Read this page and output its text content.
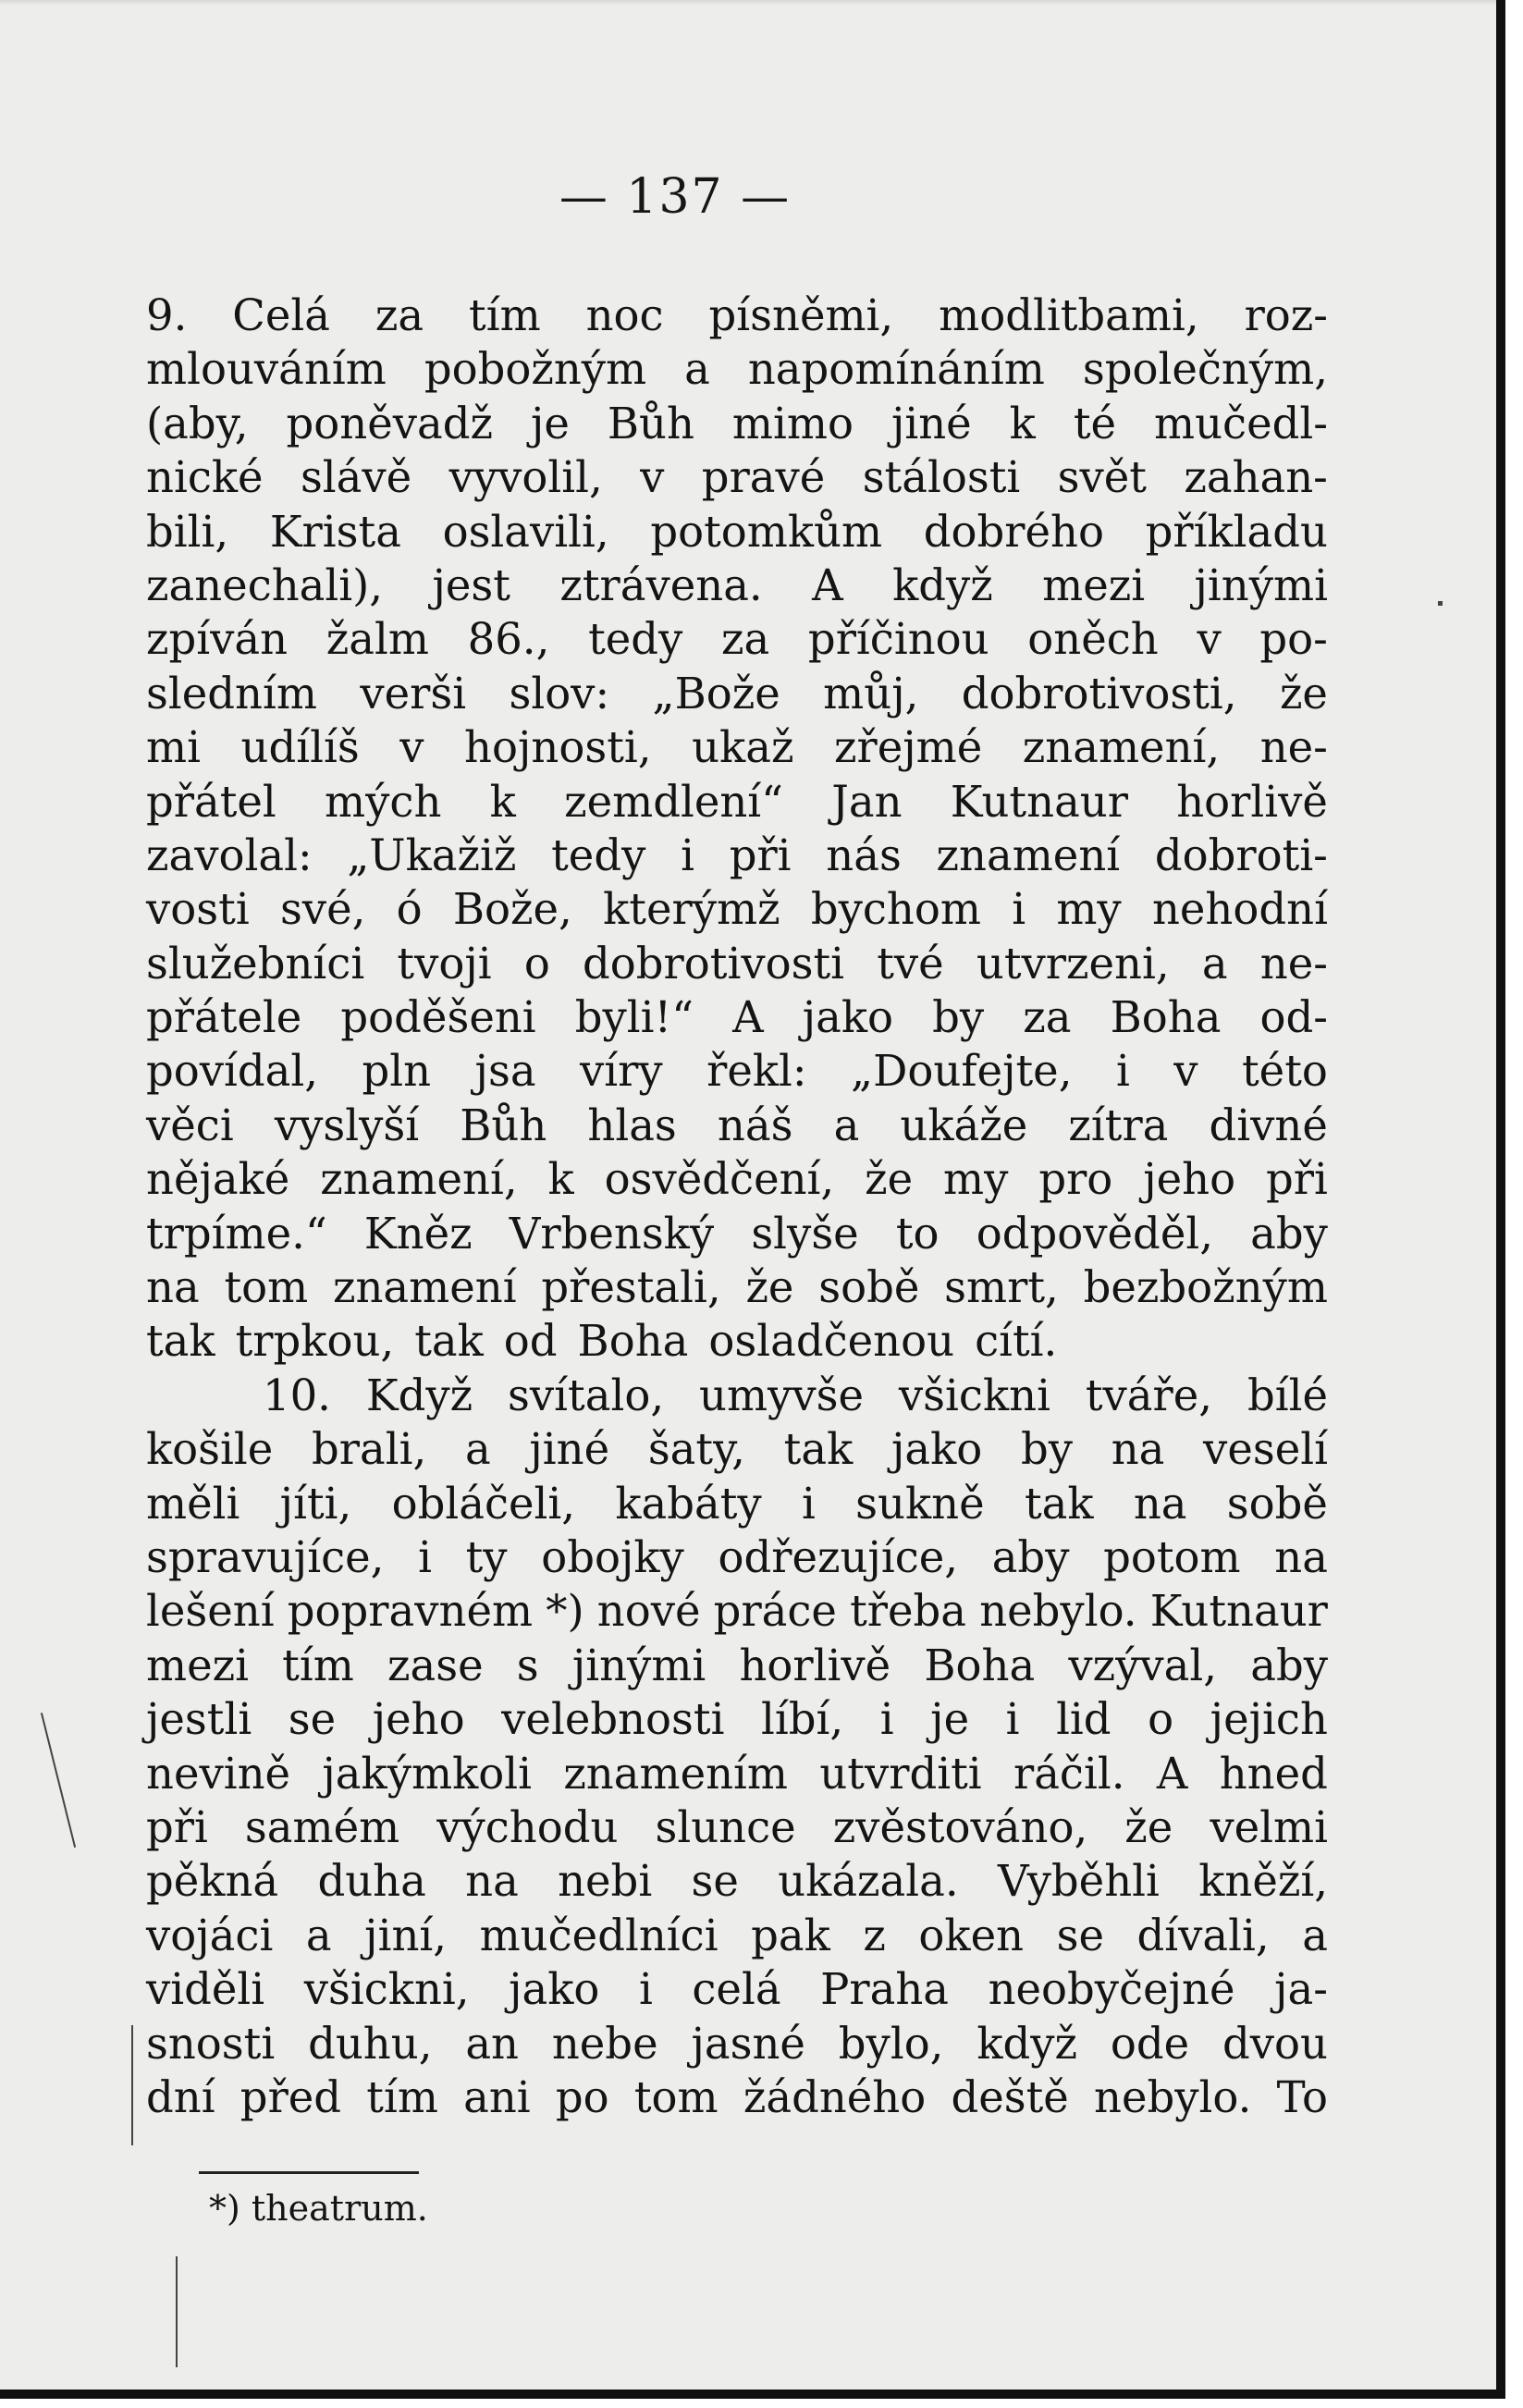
— 137 —
9. Celá za tím noc písněmi, modlitbami, roz-
mlouváním pobožným a napomínáním společným,
(aby, poněvadž je Bůh mimo jiné k té mučedl-
nické slávě vyvolil, v pravé stálosti svět zahan-
bili, Krista oslavili, potomkům dobrého příkladu
zanechali), jest ztrávena. A když mezi jinými
zpíván žalm 86., tedy za příčinou oněch v po-
sledním verši slov: „Bože můj, dobrotivosti, že
mi udílíš v hojnosti, ukaž zřejmé znamení, ne-
přátel mých k zemdlení“ Jan Kutnaur horlivě
zavolal: „Ukažiž tedy i při nás znamení dobroti-
vosti své, ó Bože, kterýmž bychom i my nehodní
služebníci tvoji o dobrotivosti tvé utvrzeni, a ne-
přátele poděšeni byli!“ A jako by za Boha od-
povídal, pln jsa víry řekl: „Doufejte, i v této
věci vyslyší Bůh hlas náš a ukáže zítra divné
nějaké znamení, k osvědčení, že my pro jeho při
trpíme.“ Kněz Vrbenský slyše to odpověděl, aby
na tom znamení přestali, že sobě smrt, bezbožným
tak trpkou, tak od Boha osladčenou cítí.
10. Když svítalo, umyvše všickni tváře, bílé
košile brali, a jiné šaty, tak jako by na veselí
měli jíti, obláčeli, kabáty i sukně tak na sobě
spravujíce, i ty obojky odřezujíce, aby potom na
lešení popravném *) nové práce třeba nebylo. Kutnaur
mezi tím zase s jinými horlivě Boha vzýval, aby
jestli se jeho velebnosti líbí, i je i lid o jejich
nevině jakýmkoli znamením utvrditi ráčil. A hned
při samém východu slunce zvěstováno, že velmi
pěkná duha na nebi se ukázala. Vyběhli kněží,
vojáci a jiní, mučedlníci pak z oken se dívali, a
viděli všickni, jako i celá Praha neobyčejné ja-
snosti duhu, an nebe jasné bylo, když ode dvou
dní před tím ani po tom žádného deště nebylo. To
*) theatrum.
